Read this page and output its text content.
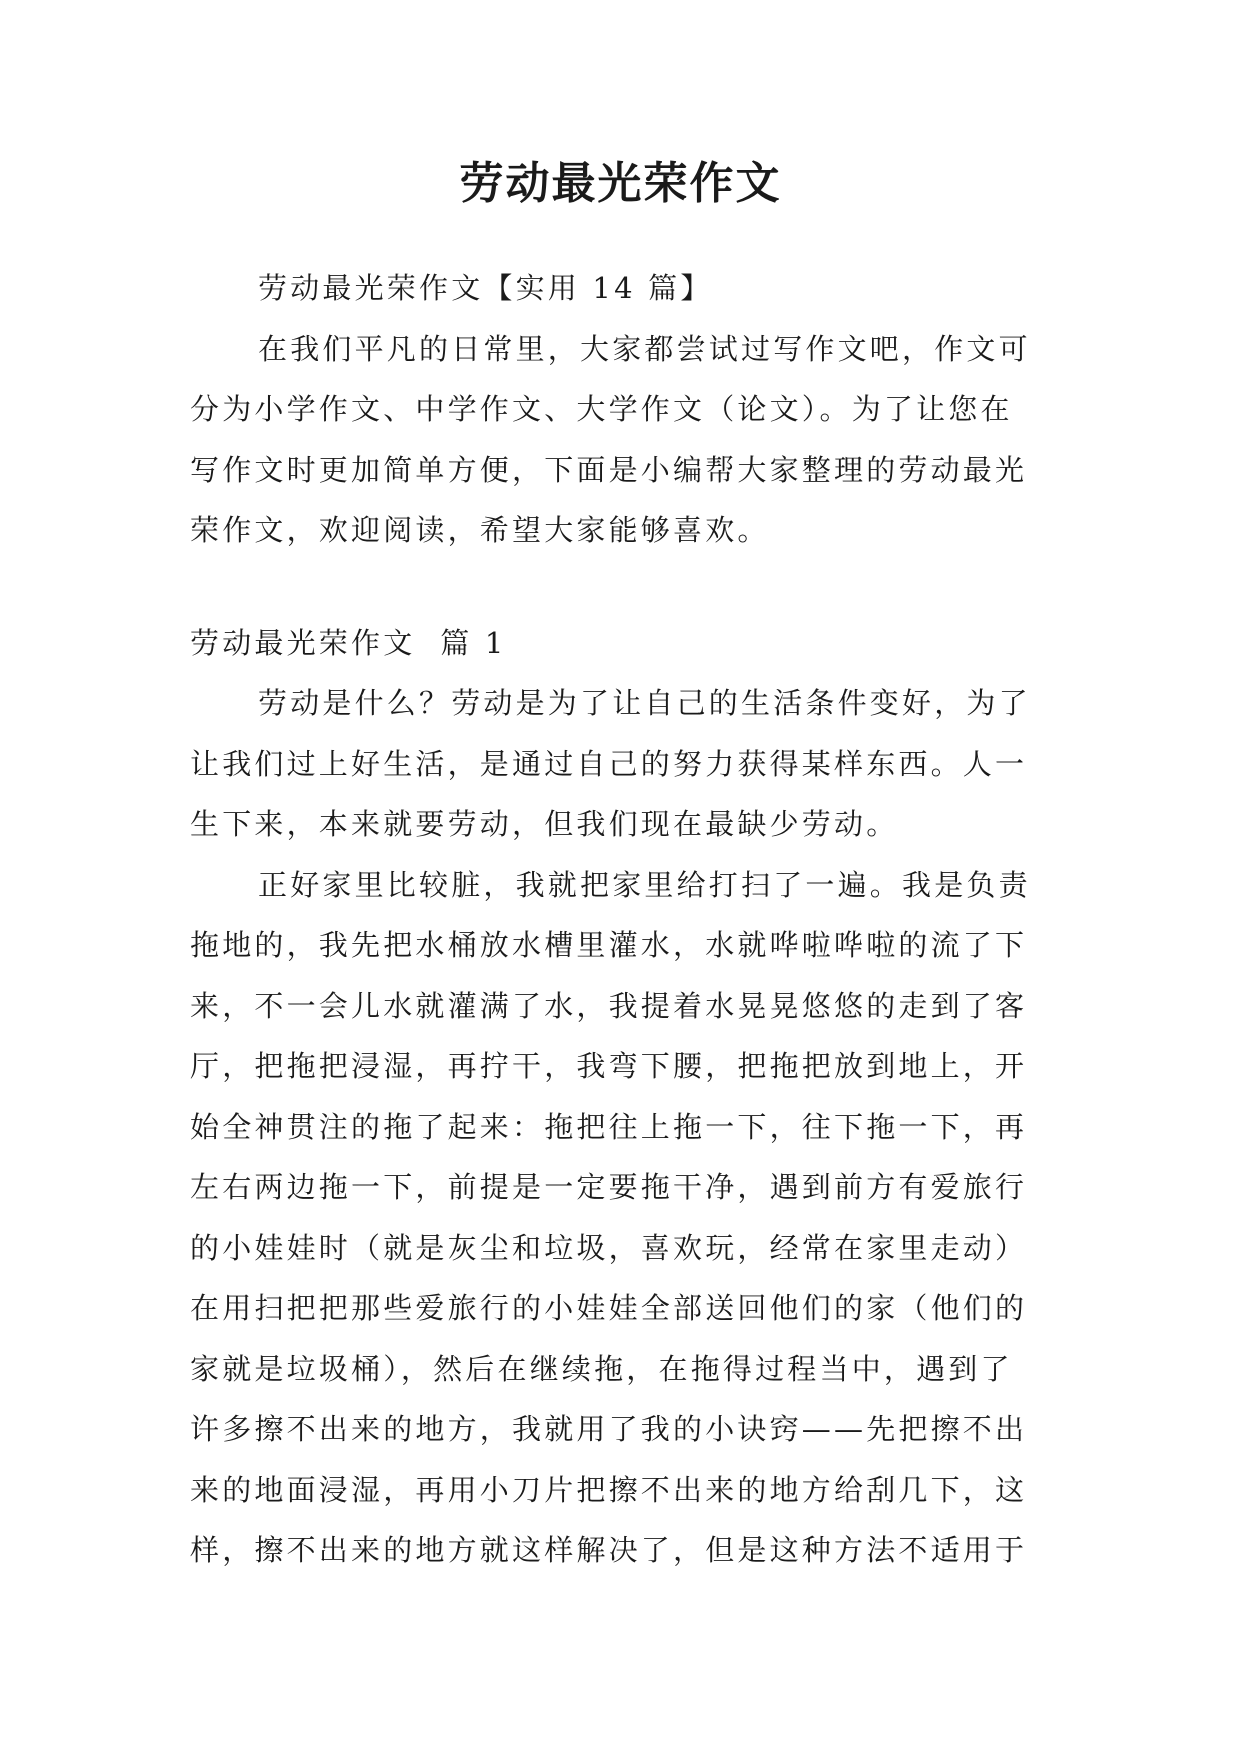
劳动最光荣作文
劳动最光荣作文【实用 14 篇】
在我们平凡的日常里，大家都尝试过写作文吧，作文可
分为小学作文、中学作文、大学作文（论文）。为了让您在
写作文时更加简单方便，下面是小编帮大家整理的劳动最光
荣作文，欢迎阅读，希望大家能够喜欢。
劳动最光荣作文  篇 1
劳动是什么？劳动是为了让自己的生活条件变好，为了
让我们过上好生活，是通过自己的努力获得某样东西。人一
生下来，本来就要劳动，但我们现在最缺少劳动。
正好家里比较脏，我就把家里给打扫了一遍。我是负责
拖地的，我先把水桶放水槽里灌水，水就哗啦哗啦的流了下
来，不一会儿水就灌满了水，我提着水晃晃悠悠的走到了客
厅，把拖把浸湿，再拧干，我弯下腰，把拖把放到地上，开
始全神贯注的拖了起来：拖把往上拖一下，往下拖一下，再
左右两边拖一下，前提是一定要拖干净，遇到前方有爱旅行
的小娃娃时（就是灰尘和垃圾，喜欢玩，经常在家里走动）
在用扫把把那些爱旅行的小娃娃全部送回他们的家（他们的
家就是垃圾桶），然后在继续拖，在拖得过程当中，遇到了
许多擦不出来的地方，我就用了我的小诀窍——先把擦不出
来的地面浸湿，再用小刀片把擦不出来的地方给刮几下，这
样，擦不出来的地方就这样解决了，但是这种方法不适用于
